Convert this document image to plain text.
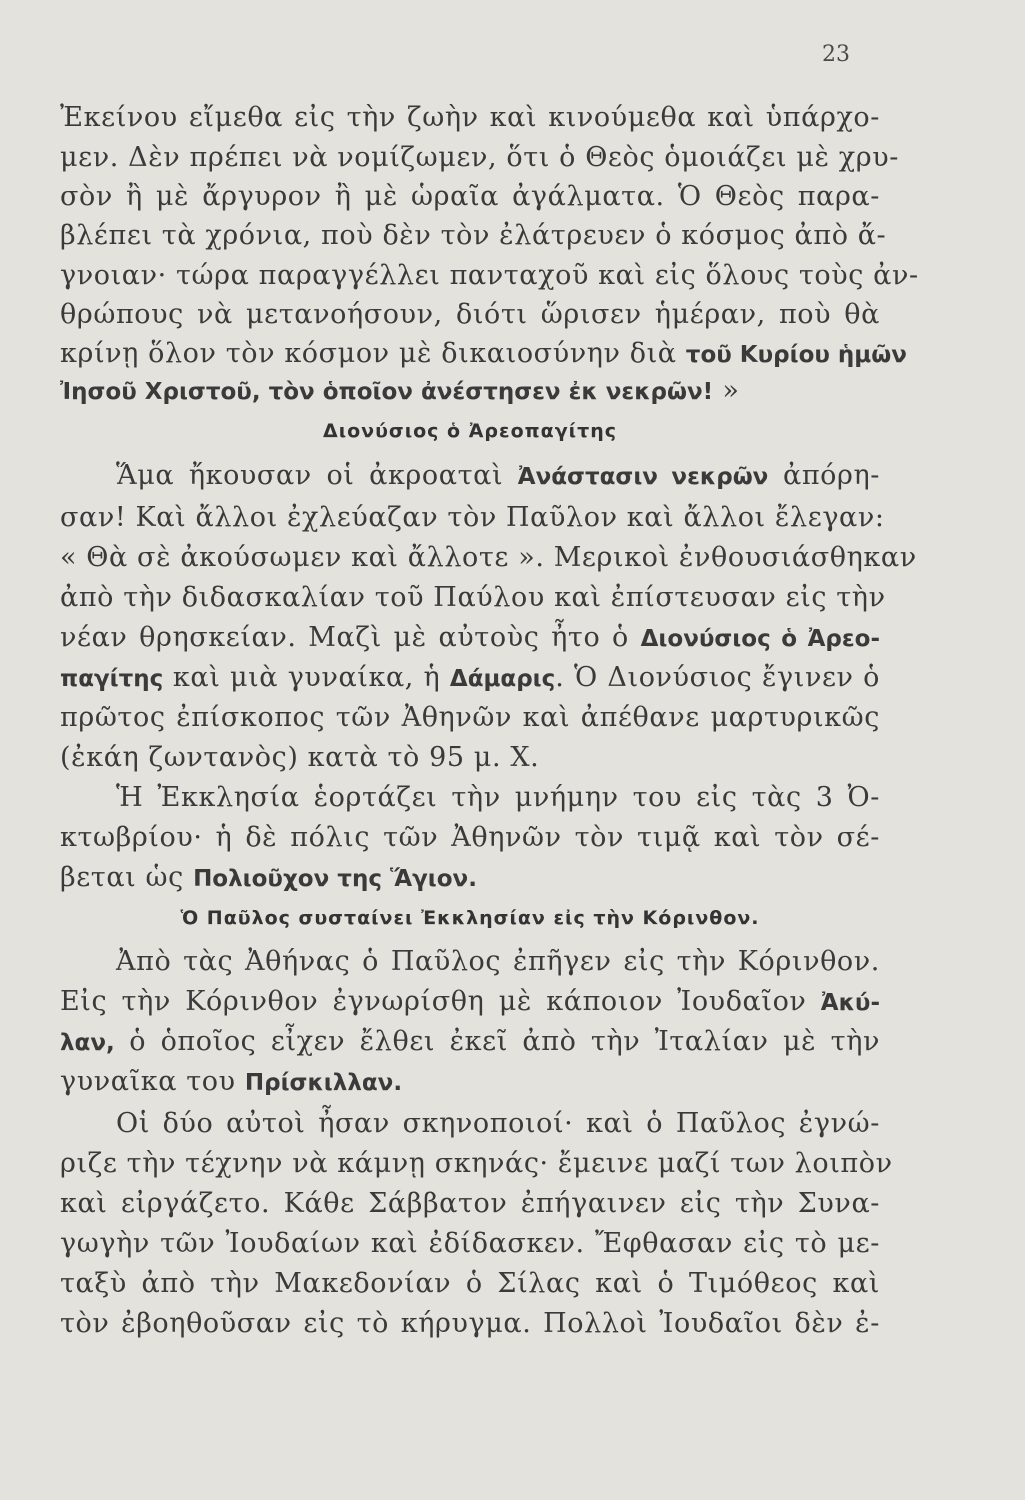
23
Ἐκείνου εἴμεθα εἰς τὴν ζωὴν καὶ κινούμεθα καὶ ὑπάρχο-
μεν. Δὲν πρέπει νὰ νομίζωμεν, ὅτι ὁ Θεὸς ὁμοιάζει μὲ χρυ-
σὸν ἢ μὲ ἄργυρον ἢ μὲ ὡραῖα ἀγάλματα. Ὁ Θεὸς παρα-
βλέπει τὰ χρόνια, ποὺ δὲν τὸν ἐλάτρευεν ὁ κόσμος ἀπὸ ἄ-
γνοιαν· τώρα παραγγέλλει πανταχοῦ καὶ εἰς ὅλους τοὺς ἀν-
θρώπους νὰ μετανοήσουν, διότι ὥρισεν ἡμέραν, ποὺ θὰ
κρίνῃ ὅλον τὸν κόσμον μὲ δικαιοσύνην διὰ τοῦ Κυρίου ἡμῶν
Ἰησοῦ Χριστοῦ, τὸν ὁποῖον ἀνέστησεν ἐκ νεκρῶν! »
Διονύσιος ὁ Ἀρεοπαγίτης
Ἅμα ἤκουσαν οἱ ἀκροαταὶ Ἀνάστασιν νεκρῶν ἀπόρη-
σαν! Καὶ ἄλλοι ἐχλεύαζαν τὸν Παῦλον καὶ ἄλλοι ἔλεγαν:
« Θὰ σὲ ἀκούσωμεν καὶ ἄλλοτε ». Μερικοὶ ἐνθουσιάσθηκαν
ἀπὸ τὴν διδασκαλίαν τοῦ Παύλου καὶ ἐπίστευσαν εἰς τὴν
νέαν θρησκείαν. Μαζὶ μὲ αὐτοὺς ἦτο ὁ Διονύσιος ὁ Ἀρεο-
παγίτης καὶ μιὰ γυναίκα, ἡ Δάμαρις. Ὁ Διονύσιος ἔγινεν ὁ
πρῶτος ἐπίσκοπος τῶν Ἀθηνῶν καὶ ἀπέθανε μαρτυρικῶς
(ἐκάη ζωντανὸς) κατὰ τὸ 95 μ. Χ.
Ἡ Ἐκκλησία ἑορτάζει τὴν μνήμην του εἰς τὰς 3 Ὀ-
κτωβρίου· ἡ δὲ πόλις τῶν Ἀθηνῶν τὸν τιμᾷ καὶ τὸν σέ-
βεται ὡς Πολιοῦχον της Ἅγιον.
Ὁ Παῦλος συσταίνει Ἐκκλησίαν εἰς τὴν Κόρινθον.
Ἀπὸ τὰς Ἀθήνας ὁ Παῦλος ἐπῆγεν εἰς τὴν Κόρινθον.
Εἰς τὴν Κόρινθον ἐγνωρίσθη μὲ κάποιον Ἰουδαῖον Ἀκύ-
λαν, ὁ ὁποῖος εἶχεν ἔλθει ἐκεῖ ἀπὸ τὴν Ἰταλίαν μὲ τὴν
γυναῖκα του Πρίσκιλλαν.
Οἱ δύο αὐτοὶ ἦσαν σκηνοποιοί· καὶ ὁ Παῦλος ἐγνώ-
ριζε τὴν τέχνην νὰ κάμνῃ σκηνάς· ἔμεινε μαζί των λοιπὸν
καὶ εἰργάζετο. Κάθε Σάββατον ἐπήγαινεν εἰς τὴν Συνα-
γωγὴν τῶν Ἰουδαίων καὶ ἐδίδασκεν. Ἔφθασαν εἰς τὸ με-
ταξὺ ἀπὸ τὴν Μακεδονίαν ὁ Σίλας καὶ ὁ Τιμόθεος καὶ
τὸν ἐβοηθοῦσαν εἰς τὸ κήρυγμα. Πολλοὶ Ἰουδαῖοι δὲν ἐ-
